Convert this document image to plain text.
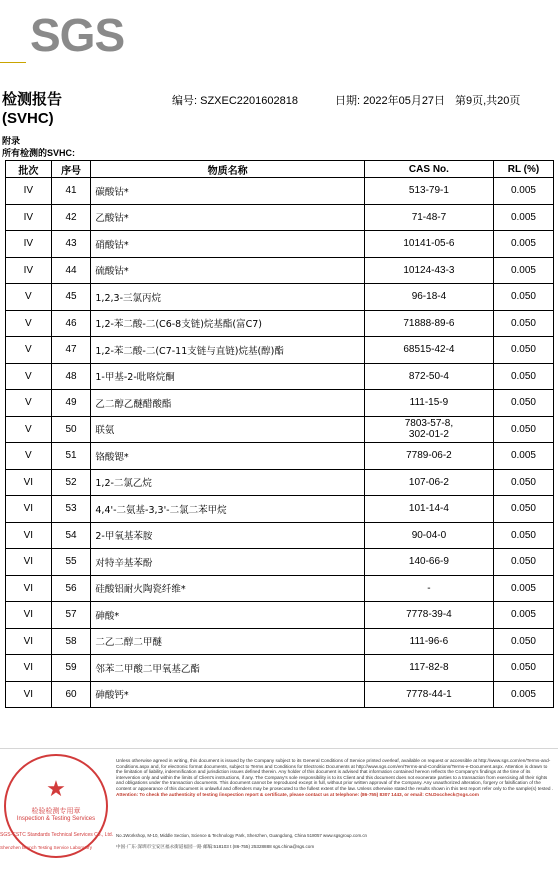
SGS
检测报告
(SVHC)
编号: SZXEC2201602818	日期: 2022年05月27日 第9页,共20页
附录
所有检测的SVHC:
批次	序号	物质名称	CAS No.	RL (%)
IV	41	碳酸钴*	513-79-1	0.005
IV	42	乙酸钴*	71-48-7	0.005
IV	43	硝酸钴*	10141-05-6	0.005
IV	44	硫酸钴*	10124-43-3	0.005
V	45	1,2,3-三氯丙烷	96-18-4	0.050
V	46	1,2-苯二酸-二(C6-8支链)烷基酯(富C7)	71888-89-6	0.050
V	47	1,2-苯二酸-二(C7-11支链与直链)烷基(醇)酯	68515-42-4	0.050
V	48	1-甲基-2-吡咯烷酮	872-50-4	0.050
V	49	乙二醇乙醚醋酸酯	111-15-9	0.050
V	50	联氨	7803-57-8,
302-01-2	0.050
V	51	铬酸锶*	7789-06-2	0.005
VI	52	1,2-二氯乙烷	107-06-2	0.050
VI	53	4,4'-二氨基-3,3'-二氯二苯甲烷	101-14-4	0.050
VI	54	2-甲氧基苯胺	90-04-0	0.050
VI	55	对特辛基苯酚	140-66-9	0.050
VI	56	硅酸铝耐火陶瓷纤维*	-	0.005
VI	57	砷酸*	7778-39-4	0.005
VI	58	二乙二醇二甲醚	111-96-6	0.050
VI	59	邻苯二甲酸二甲氧基乙酯	117-82-8	0.050
VI	60	砷酸钙*	7778-44-1	0.005
★
检验检测专用章
Inspection & Testing Services
SGS-CSTC Standards Technical Services Co., Ltd.
Shenzhen Branch Testing Service Laboratory
Unless otherwise agreed in writing, this document is issued by the Company subject to its General Conditions of Service printed overleaf, available on request or accessible at http://www.sgs.com/en/Terms-and-Conditions.aspx and, for electronic format documents, subject to Terms and Conditions for Electronic Documents at http://www.sgs.com/en/Terms-and-Conditions/Terms-e-Document.aspx. Attention is drawn to the limitation of liability, indemnification and jurisdiction issues defined therein. Any holder of this document is advised that information contained hereon reflects the Company's findings at the time of its intervention only and within the limits of Client's instructions, if any. The Company's sole responsibility is to its Client and this document does not exonerate parties to a transaction from exercising all their rights and obligations under the transaction documents. This document cannot be reproduced except in full, without prior written approval of the Company. Any unauthorized alteration, forgery or falsification of the content or appearance of this document is unlawful and offenders may be prosecuted to the fullest extent of the law. Unless otherwise stated the results shown in this test report refer only to the sample(s) tested . Attention: To check the authenticity of testing /inspection report & certificate, please contact us at telephone: (86-755) 8307 1443, or email: CN.Doccheck@sgs.com
No.1Workshop, M-10, Middle Section, Science & Technology Park, Shenzhen, Guangdong, China 518057 www.sgsgroup.com.cn
中国·广东·深圳市宝安区福永街道福园一路 邮编:518103 t (86-755) 25328888 sgs.china@sgs.com
